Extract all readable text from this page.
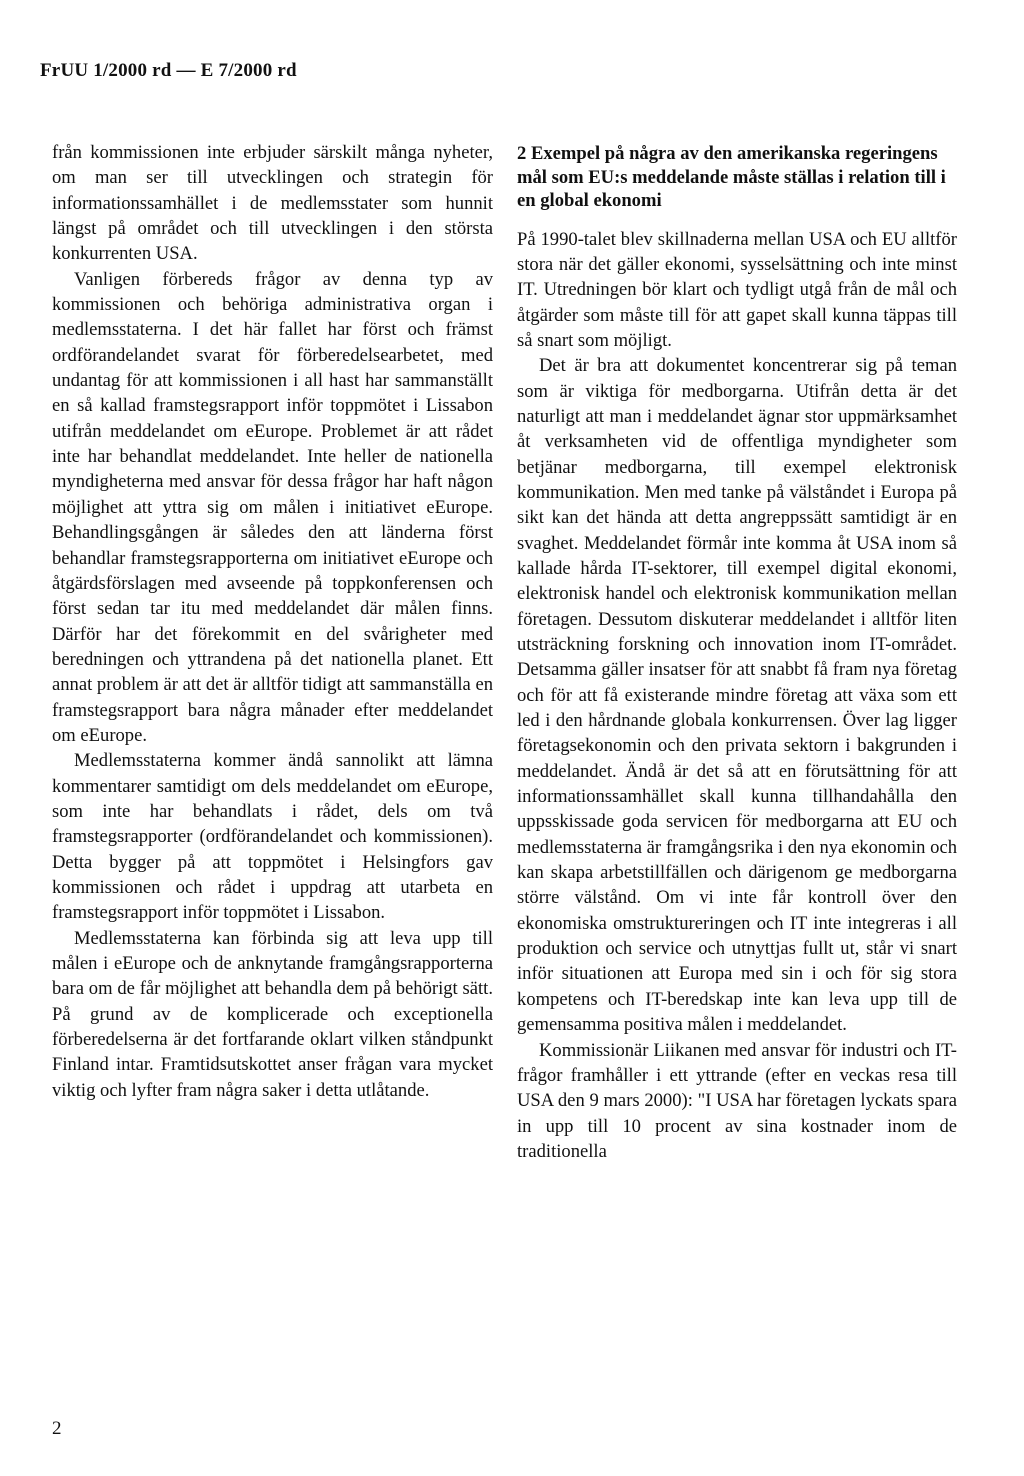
FrUU 1/2000 rd — E 7/2000 rd

från kommissionen inte erbjuder särskilt många nyheter, om man ser till utvecklingen och strategin för informationssamhället i de medlemsstater som hunnit längst på området och till utvecklingen i den största konkurrenten USA.

Vanligen förbereds frågor av denna typ av kommissionen och behöriga administrativa organ i medlemsstaterna. I det här fallet har först och främst ordförandelandet svarat för förberedelsearbetet, med undantag för att kommissionen i all hast har sammanställt en så kallad framstegsrapport inför toppmötet i Lissabon utifrån meddelandet om eEurope. Problemet är att rådet inte har behandlat meddelandet. Inte heller de nationella myndigheterna med ansvar för dessa frågor har haft någon möjlighet att yttra sig om målen i initiativet eEurope. Behandlingsgången är således den att länderna först behandlar framstegsrapporterna om initiativet eEurope och åtgärdsförslagen med avseende på toppkonferensen och först sedan tar itu med meddelandet där målen finns. Därför har det förekommit en del svårigheter med beredningen och yttrandena på det nationella planet. Ett annat problem är att det är alltför tidigt att sammanställa en framstegsrapport bara några månader efter meddelandet om eEurope.

Medlemsstaterna kommer ändå sannolikt att lämna kommentarer samtidigt om dels meddelandet om eEurope, som inte har behandlats i rådet, dels om två framstegsrapporter (ordförandelandet och kommissionen). Detta bygger på att toppmötet i Helsingfors gav kommissionen och rådet i uppdrag att utarbeta en framstegsrapport inför toppmötet i Lissabon.

Medlemsstaterna kan förbinda sig att leva upp till målen i eEurope och de anknytande framgångsrapporterna bara om de får möjlighet att behandla dem på behörigt sätt. På grund av de komplicerade och exceptionella förberedelserna är det fortfarande oklart vilken ståndpunkt Finland intar. Framtidsutskottet anser frågan vara mycket viktig och lyfter fram några saker i detta utlåtande.

2 Exempel på några av den amerikanska regeringens mål som EU:s meddelande måste ställas i relation till i en global ekonomi

På 1990-talet blev skillnaderna mellan USA och EU alltför stora när det gäller ekonomi, sysselsättning och inte minst IT. Utredningen bör klart och tydligt utgå från de mål och åtgärder som måste till för att gapet skall kunna täppas till så snart som möjligt.

Det är bra att dokumentet koncentrerar sig på teman som är viktiga för medborgarna. Utifrån detta är det naturligt att man i meddelandet ägnar stor uppmärksamhet åt verksamheten vid de offentliga myndigheter som betjänar medborgarna, till exempel elektronisk kommunikation. Men med tanke på välståndet i Europa på sikt kan det hända att detta angreppssätt samtidigt är en svaghet. Meddelandet förmår inte komma åt USA inom så kallade hårda IT-sektorer, till exempel digital ekonomi, elektronisk handel och elektronisk kommunikation mellan företagen. Dessutom diskuterar meddelandet i alltför liten utsträckning forskning och innovation inom IT-området. Detsamma gäller insatser för att snabbt få fram nya företag och för att få existerande mindre företag att växa som ett led i den hårdnande globala konkurrensen. Över lag ligger företagsekonomin och den privata sektorn i bakgrunden i meddelandet. Ändå är det så att en förutsättning för att informationssamhället skall kunna tillhandahålla den uppsskissade goda servicen för medborgarna att EU och medlemsstaterna är framgångsrika i den nya ekonomin och kan skapa arbetstillfällen och därigenom ge medborgarna större välstånd. Om vi inte får kontroll över den ekonomiska omstruktureringen och IT inte integreras i all produktion och service och utnyttjas fullt ut, står vi snart inför situationen att Europa med sin i och för sig stora kompetens och IT-beredskap inte kan leva upp till de gemensamma positiva målen i meddelandet.

Kommissionär Liikanen med ansvar för industri och IT-frågor framhåller i ett yttrande (efter en veckas resa till USA den 9 mars 2000): "I USA har företagen lyckats spara in upp till 10 procent av sina kostnader inom de traditionella

2
